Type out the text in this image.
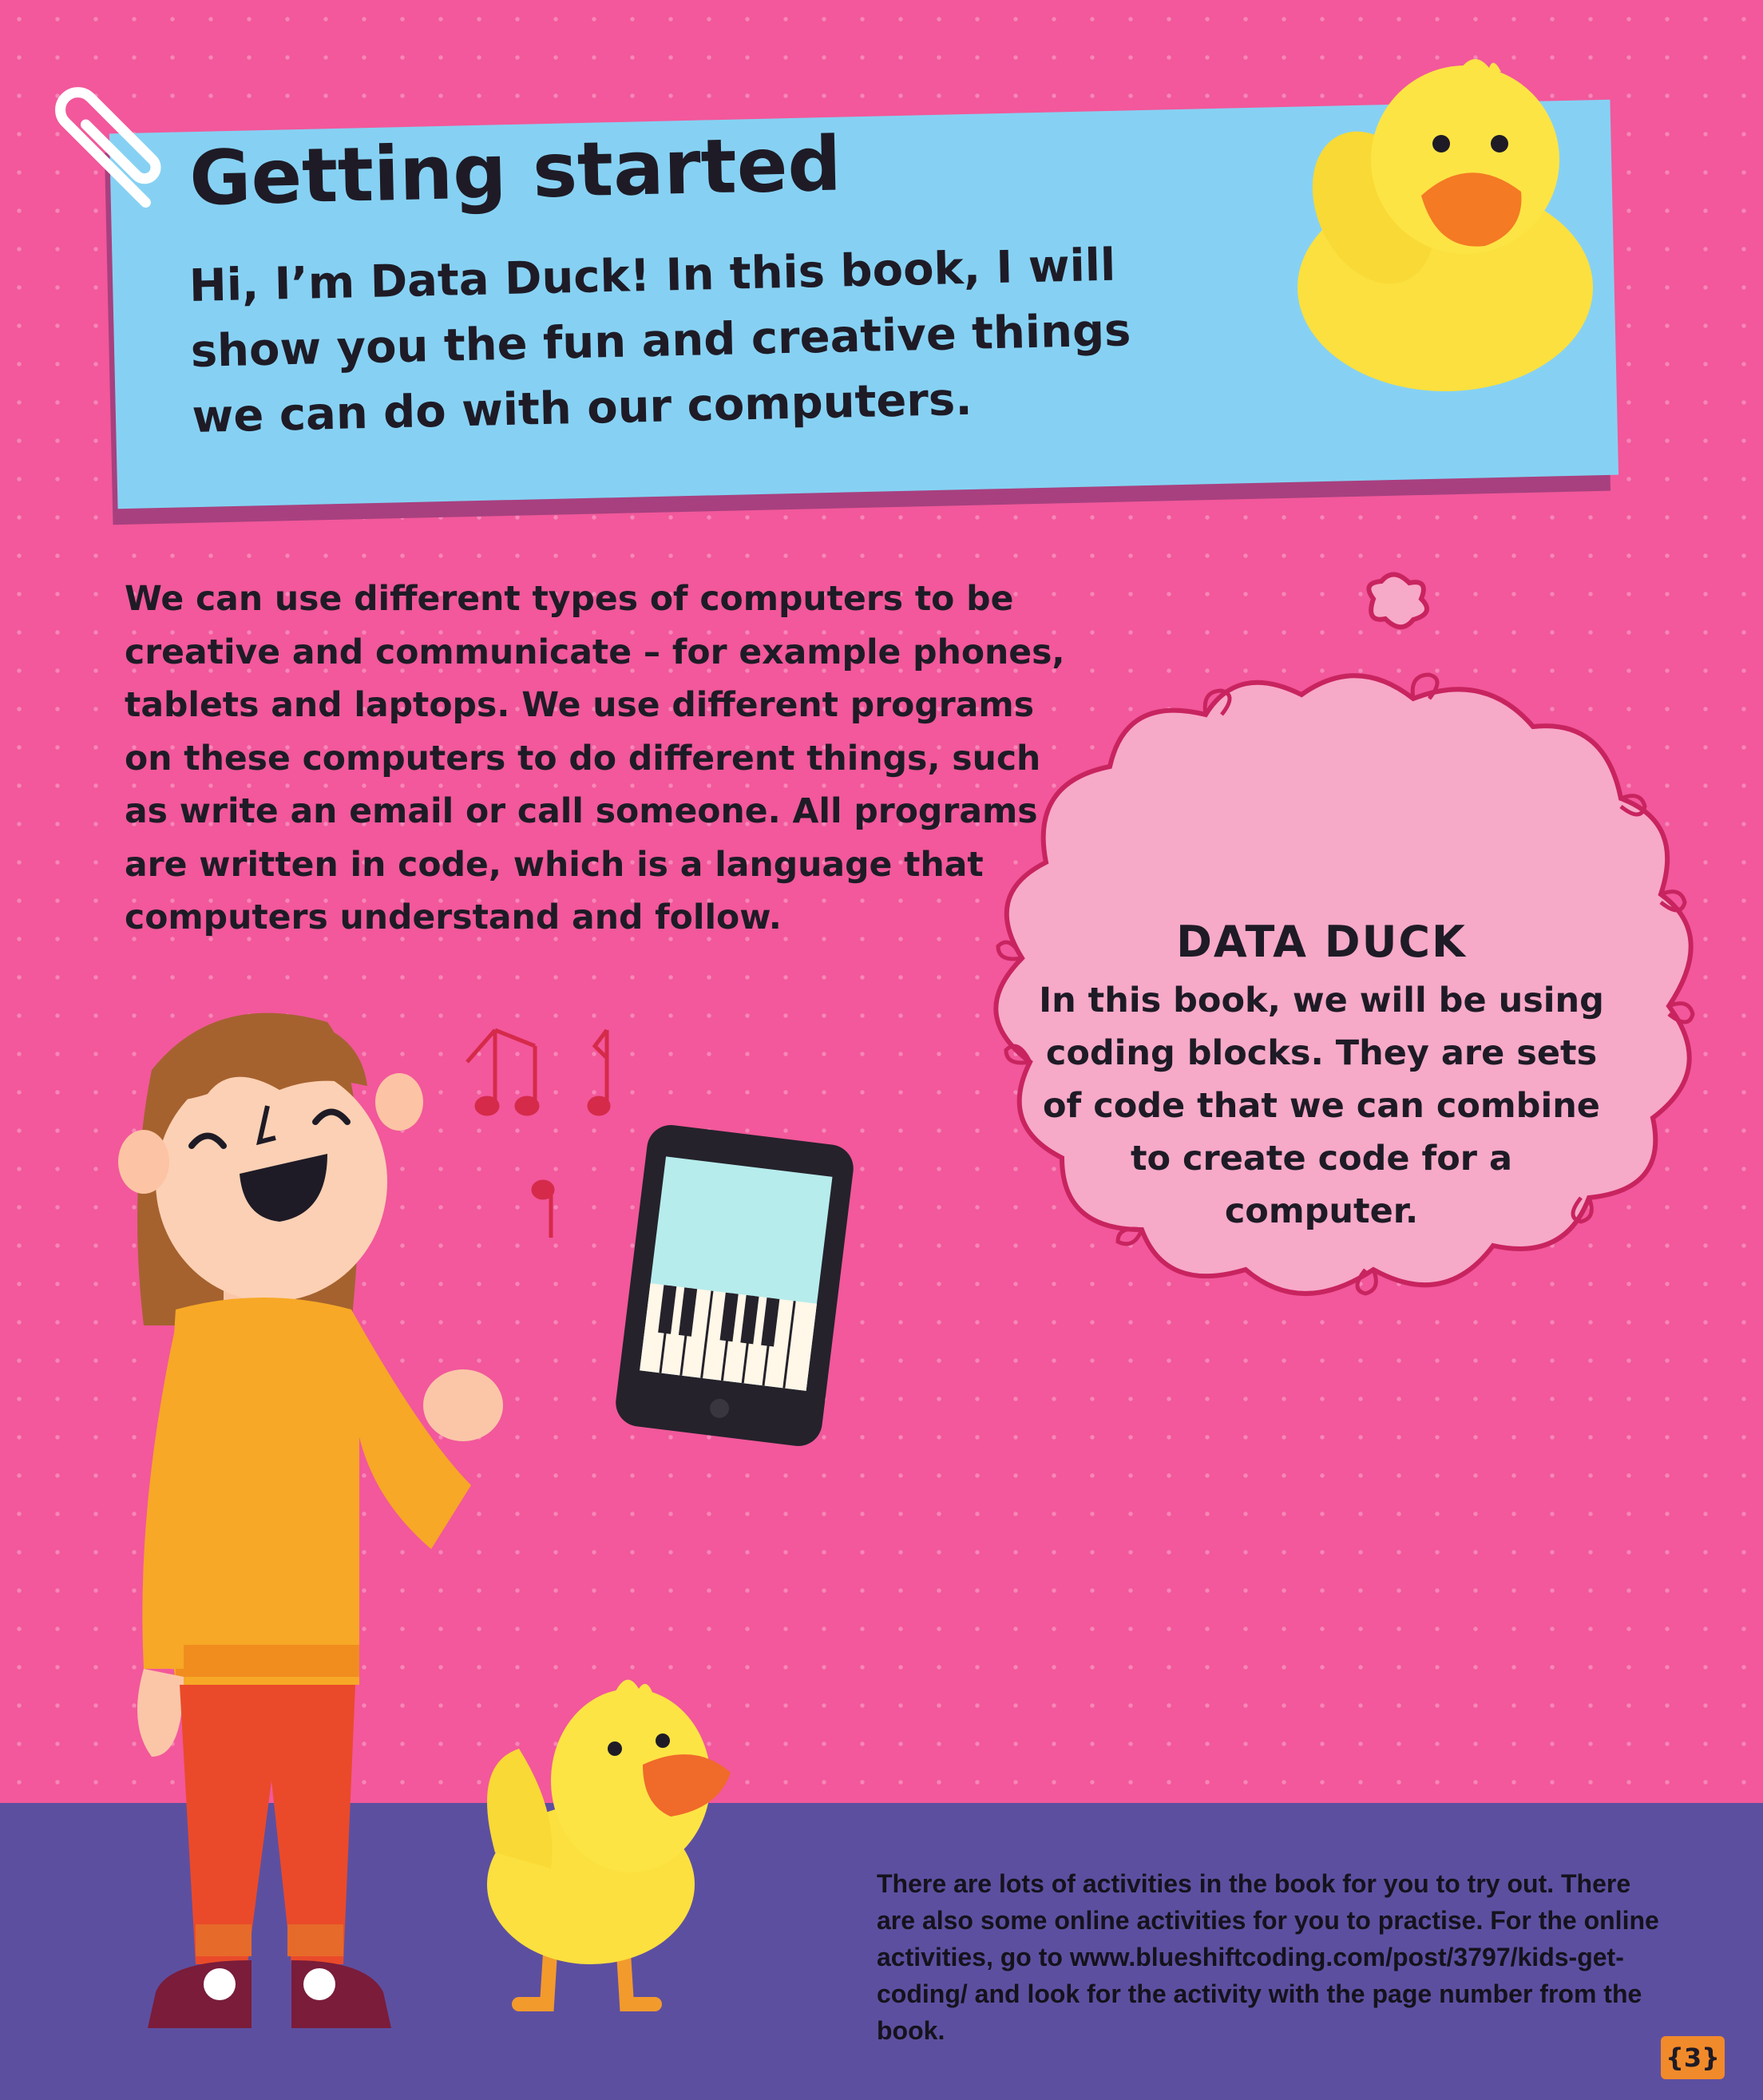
Getting started

Hi, I’m Data Duck! In this book, I will show you the fun and creative things we can do with our computers.

We can use different types of computers to be creative and communicate – for example phones, tablets and laptops. We use different programs on these computers to do different things, such as write an email or call someone. All programs are written in code, which is a language that computers understand and follow.	DATA DUCK

In this book, we will be using coding blocks. They are sets of code that we can combine to create code for a computer.

There are lots of activities in the book for you to try out. There are also some online activities for you to practise. For the online activities, go to www.blueshiftcoding.com/post/3797/kids-get-coding/ and look for the activity with the page number from the book.

{3}
